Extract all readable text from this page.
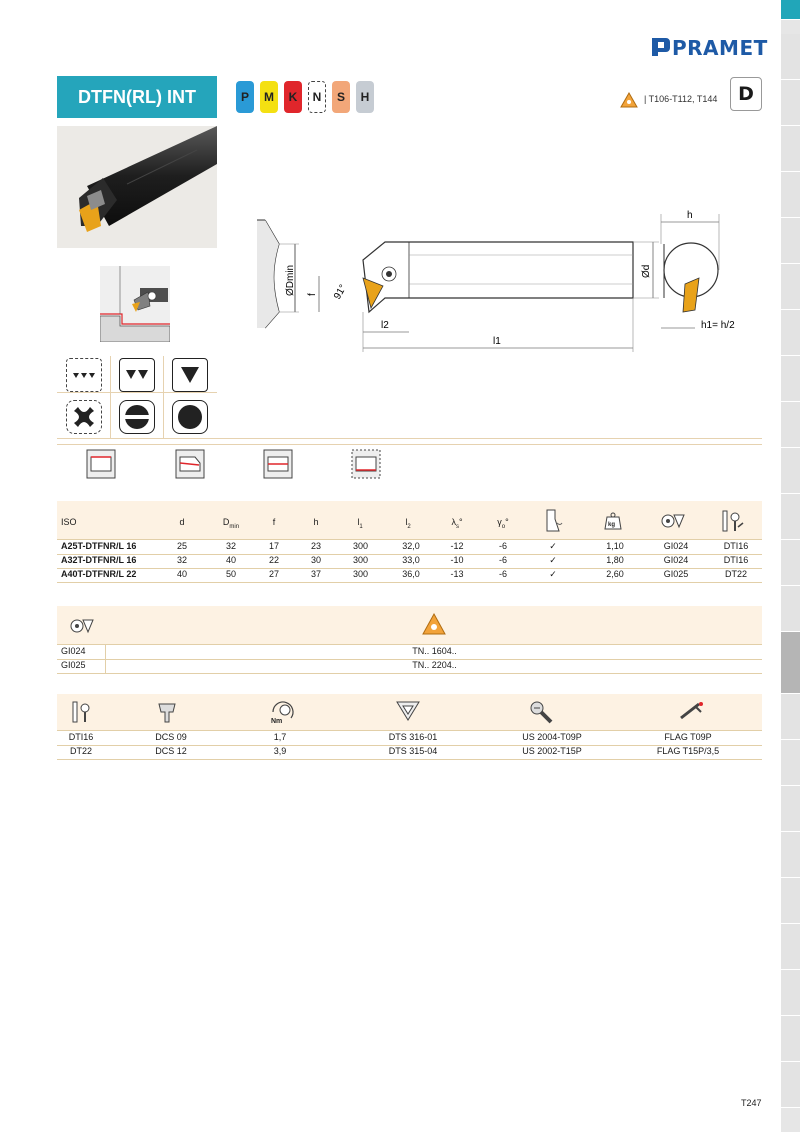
PRAMET
DTFN(RL) INT	P	M	K	N	S	H	| T106-T112, T144	D
ØDmin f 91°
l2
l1
Ød
h
h1= h/2
ISO	d	$D_{min}$	f	h	$l_1$	$l_2$	$\lambda_s^\circ$	$\gamma_o^\circ$	kg
A25T-DTFNR/L 16	25	32	17	23	300	32,0	-12	-6	✓	1,10	GI024	DTI16
A32T-DTFNR/L 16	32	40	22	30	300	33,0	-10	-6	✓	1,80	GI024	DTI16
A40T-DTFNR/L 22	40	50	27	37	300	36,0	-13	-6	✓	2,60	GI025	DT22
GI024	TN.. 1604..
GI025	TN.. 2204..
Nm
DTI16	DCS 09	1,7	DTS 316-01	US 2004-T09P	FLAG T09P
DT22	DCS 12	3,9	DTS 315-04	US 2002-T15P	FLAG T15P/3,5
T247
